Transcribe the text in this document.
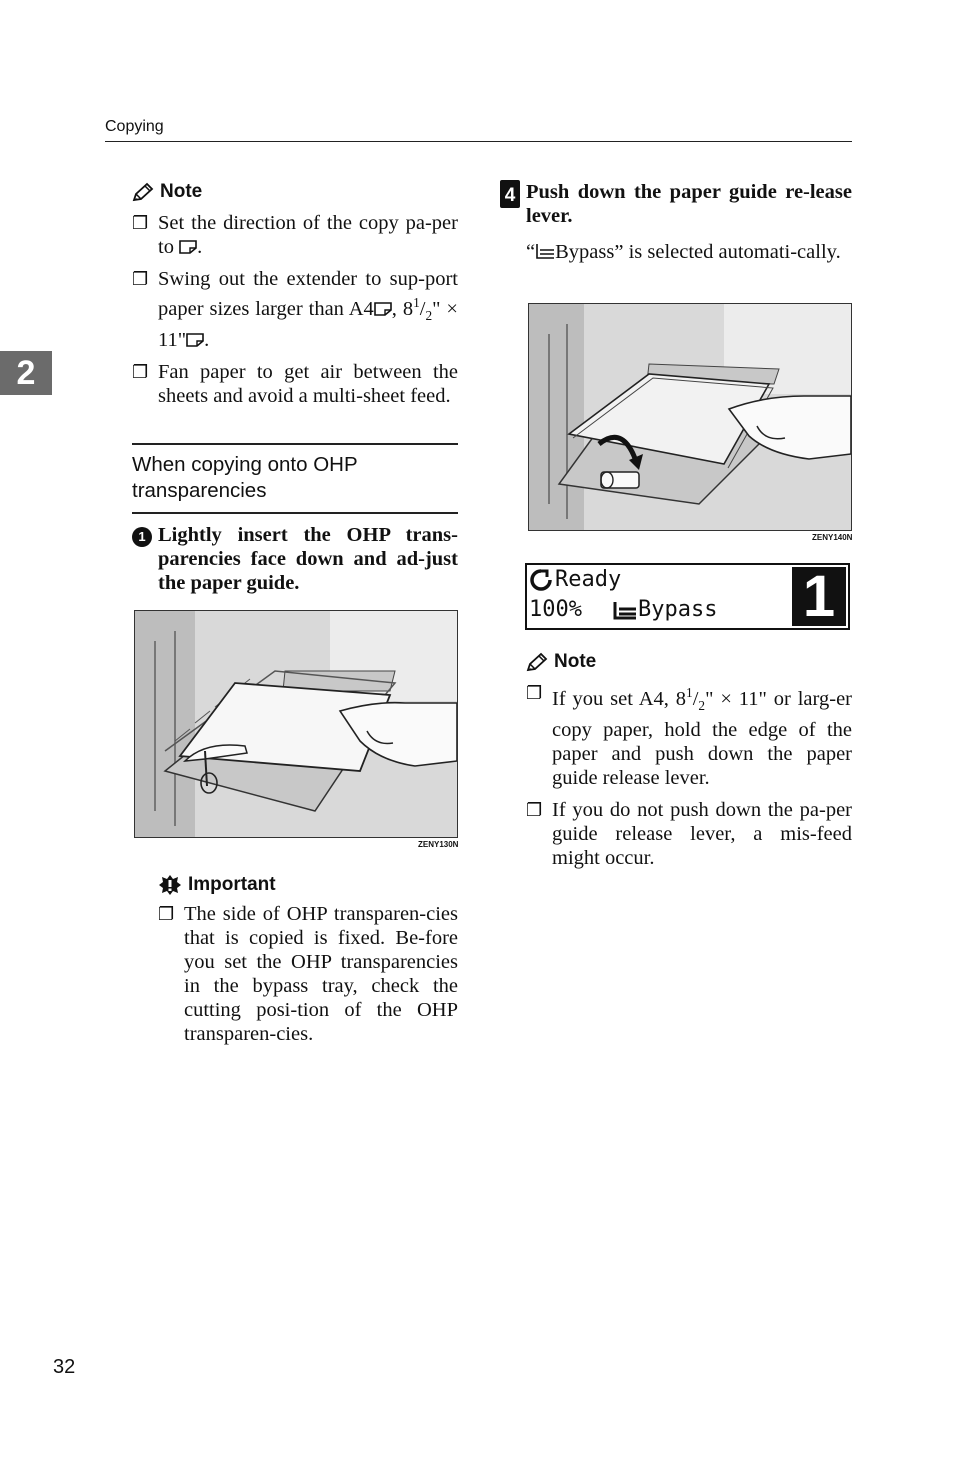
Copying
2
Note
❐ Set the direction of the copy pa-per to .
❐ Swing out the extender to sup-port paper sizes larger than A4 , $8^1/_2$" × 11" .
❐ Fan paper to get air between the sheets and avoid a multi-sheet feed.
When copying onto OHP transparencies
1 Lightly insert the OHP trans-parencies face down and ad-just the paper guide.
ZENY130N
Important
❐ The side of OHP transparen-cies that is copied is fixed. Be-fore you set the OHP transparencies in the bypass tray, check the cutting posi-tion of the OHP transparen-cies.
4 Push down the paper guide re-lease lever.
“ Bypass” is selected automati-cally.
ZENY140N
Ready
100%	Bypass 1
Note
❐ If you set A4, $8^1/_2$" × 11" or larg-er copy paper, hold the edge of the paper and push down the paper guide release lever.
❐ If you do not push down the pa-per guide release lever, a mis-feed might occur.
32
